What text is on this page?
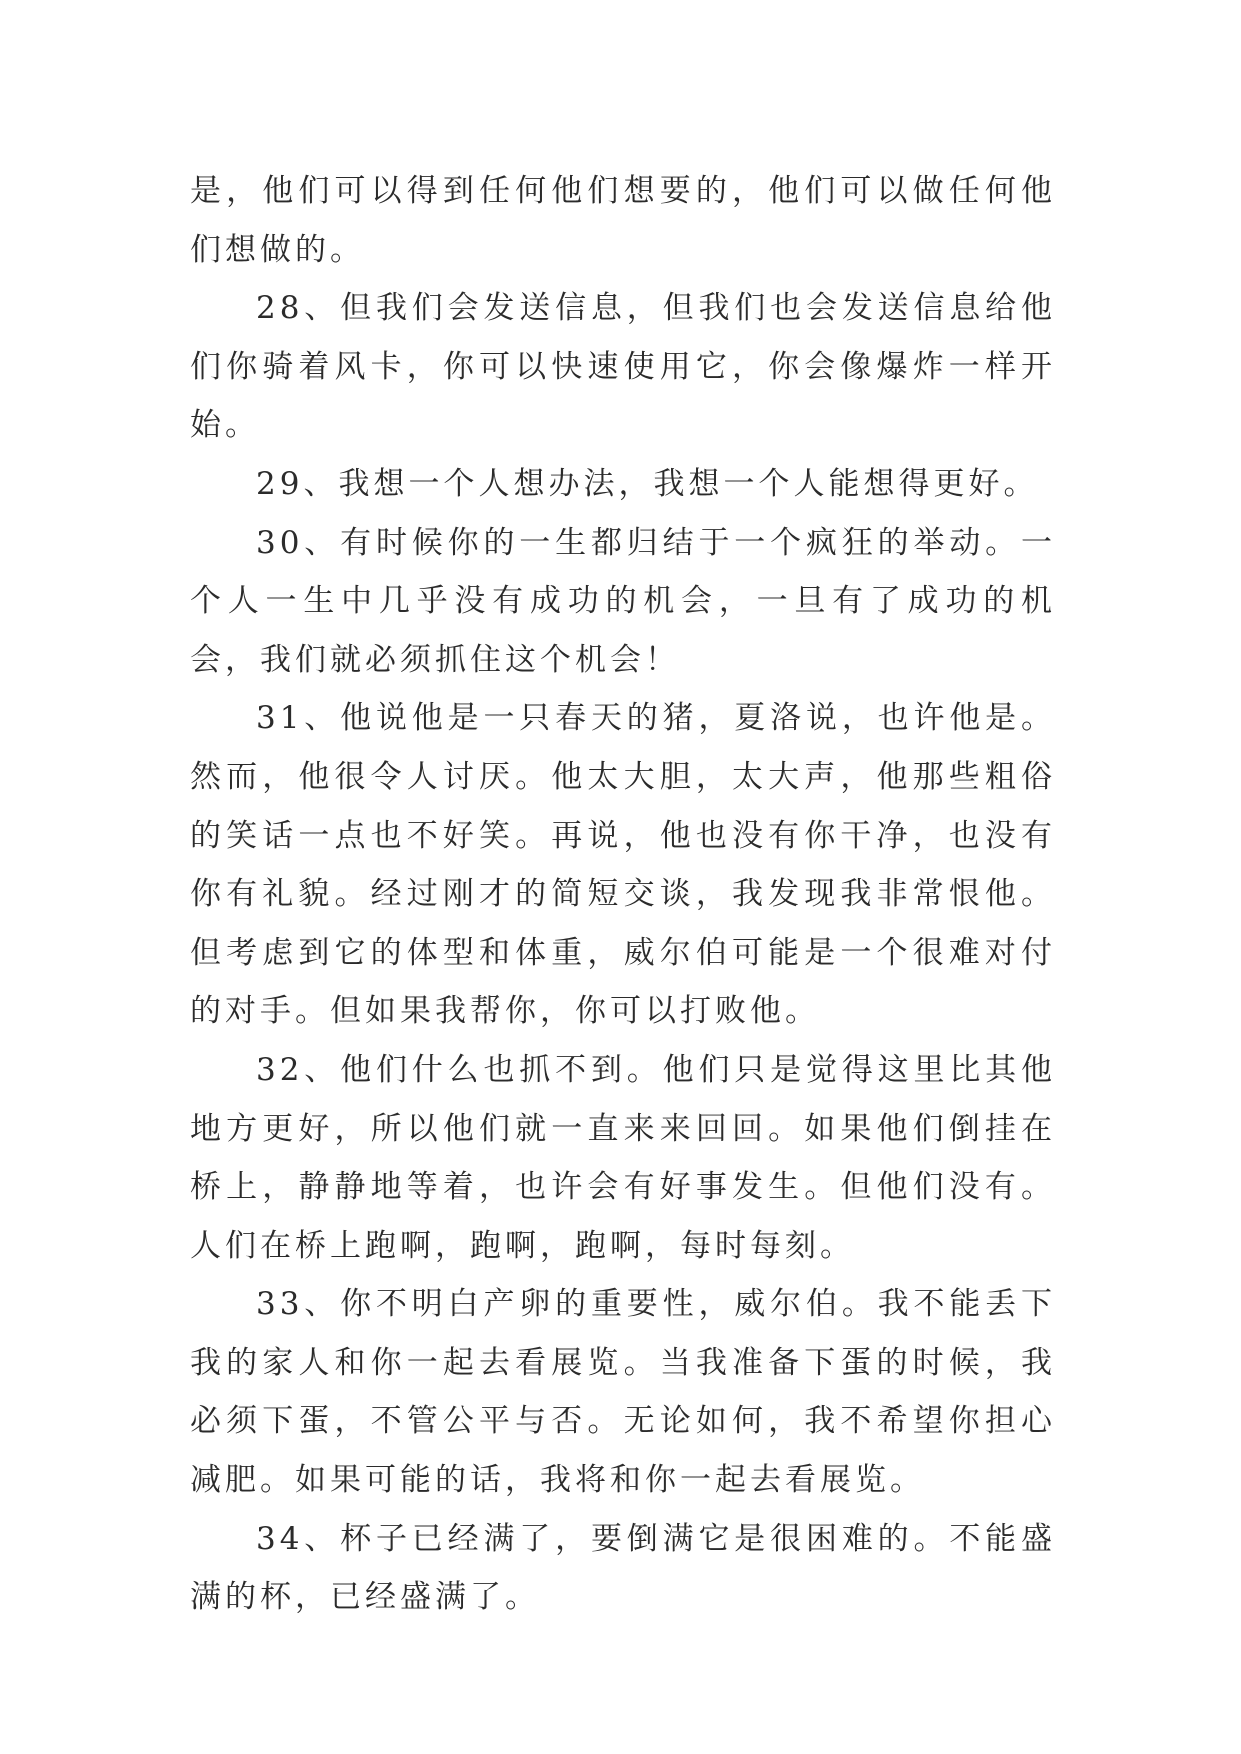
是，他们可以得到任何他们想要的，他们可以做任何他们想做的。

28、但我们会发送信息，但我们也会发送信息给他们你骑着风卡，你可以快速使用它，你会像爆炸一样开始。

29、我想一个人想办法，我想一个人能想得更好。

30、有时候你的一生都归结于一个疯狂的举动。一个人一生中几乎没有成功的机会，一旦有了成功的机会，我们就必须抓住这个机会！

31、他说他是一只春天的猪，夏洛说，也许他是。然而，他很令人讨厌。他太大胆，太大声，他那些粗俗的笑话一点也不好笑。再说，他也没有你干净，也没有你有礼貌。经过刚才的简短交谈，我发现我非常恨他。但考虑到它的体型和体重，威尔伯可能是一个很难对付的对手。但如果我帮你，你可以打败他。

32、他们什么也抓不到。他们只是觉得这里比其他地方更好，所以他们就一直来来回回。如果他们倒挂在桥上，静静地等着，也许会有好事发生。但他们没有。人们在桥上跑啊，跑啊，跑啊，每时每刻。

33、你不明白产卵的重要性，威尔伯。我不能丢下我的家人和你一起去看展览。当我准备下蛋的时候，我必须下蛋，不管公平与否。无论如何，我不希望你担心减肥。如果可能的话，我将和你一起去看展览。

34、杯子已经满了，要倒满它是很困难的。不能盛满的杯，已经盛满了。
